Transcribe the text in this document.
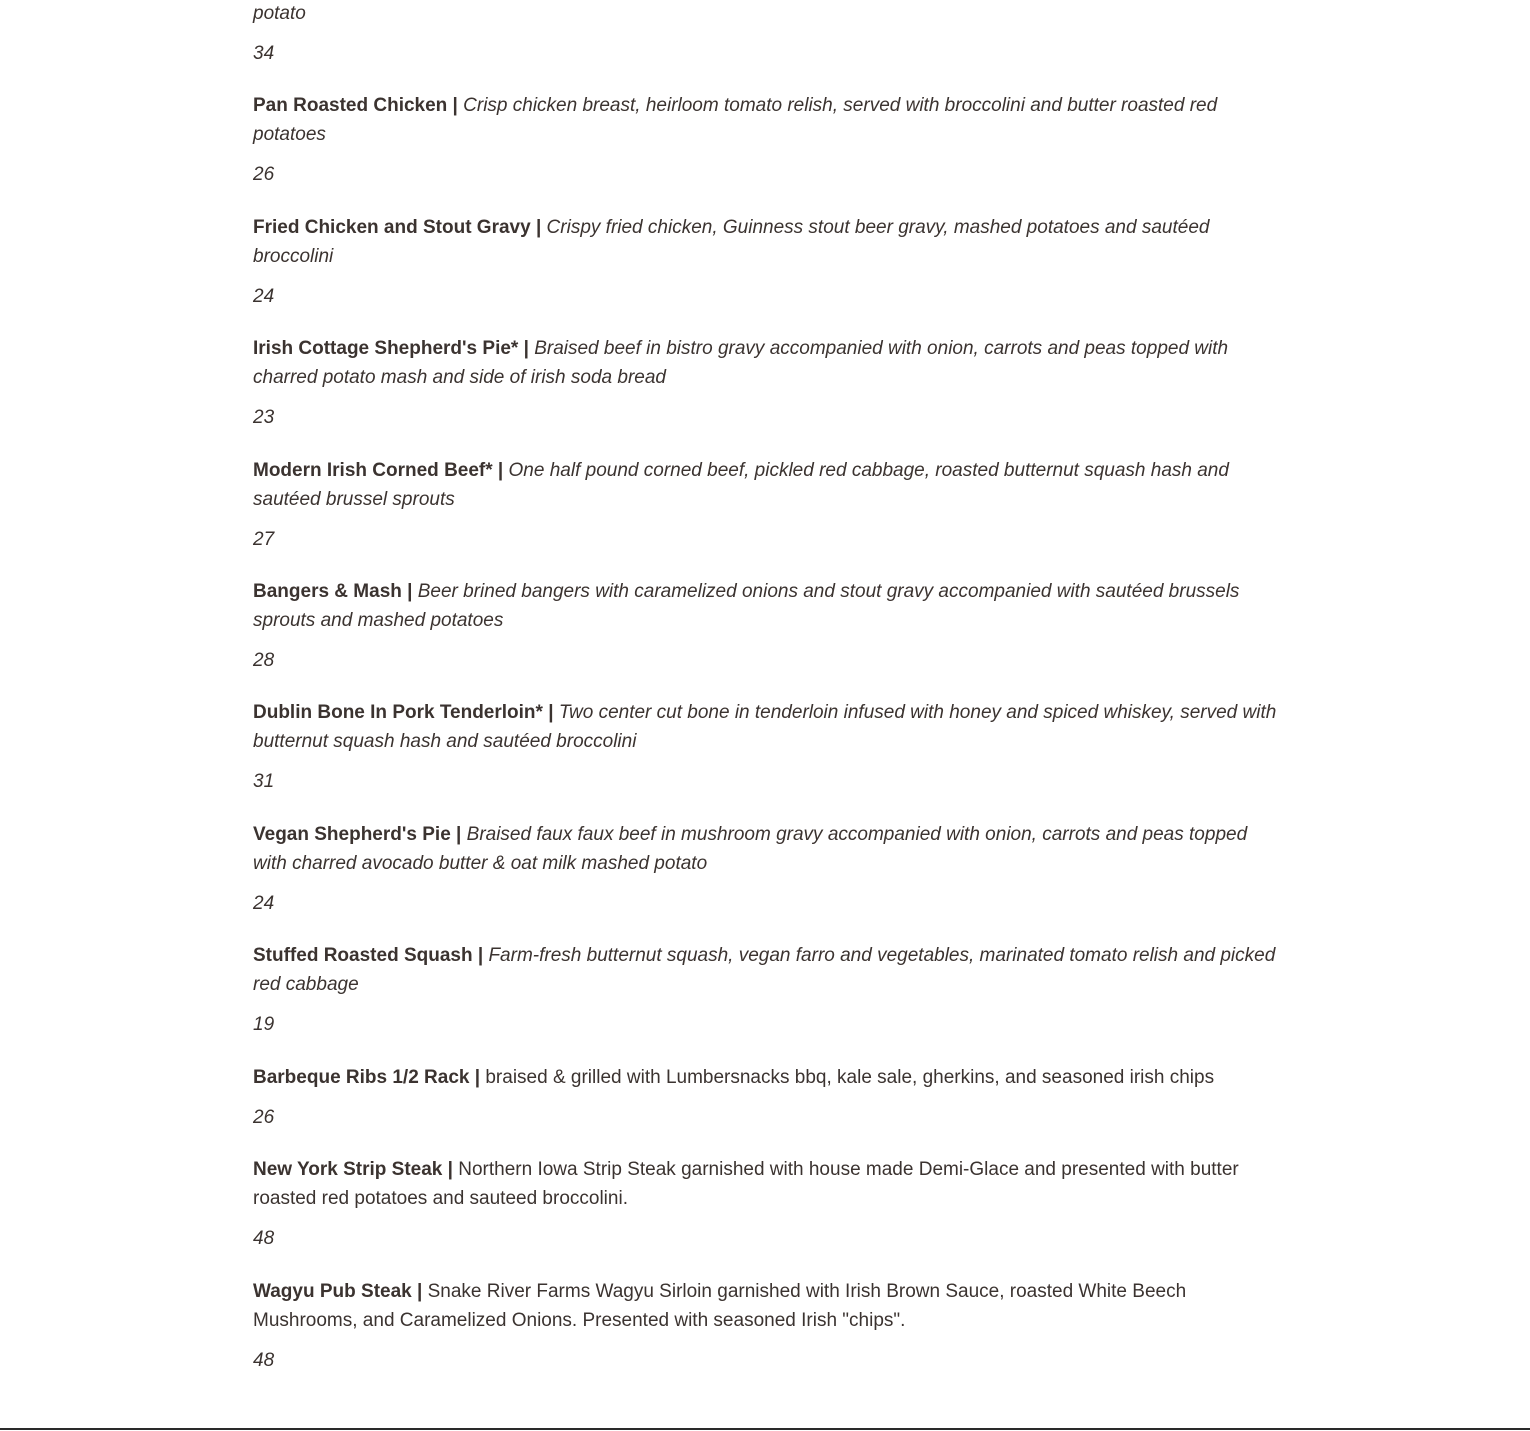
potato
34
Pan Roasted Chicken | Crisp chicken breast, heirloom tomato relish, served with broccolini and butter roasted red potatoes
26
Fried Chicken and Stout Gravy | Crispy fried chicken, Guinness stout beer gravy, mashed potatoes and sautéed broccolini
24
Irish Cottage Shepherd's Pie* | Braised beef in bistro gravy accompanied with onion, carrots and peas topped with charred potato mash and side of irish soda bread
23
Modern Irish Corned Beef* | One half pound corned beef, pickled red cabbage, roasted butternut squash hash and sautéed brussel sprouts
27
Bangers & Mash | Beer brined bangers with caramelized onions and stout gravy accompanied with sautéed brussels sprouts and mashed potatoes
28
Dublin Bone In Pork Tenderloin* | Two center cut bone in tenderloin infused with honey and spiced whiskey, served with butternut squash hash and sautéed broccolini
31
Vegan Shepherd's Pie | Braised faux faux beef in mushroom gravy accompanied with onion, carrots and peas topped with charred avocado butter & oat milk mashed potato
24
Stuffed Roasted Squash | Farm-fresh butternut squash, vegan farro and vegetables, marinated tomato relish and picked red cabbage
19
Barbeque Ribs 1/2 Rack | braised & grilled with Lumbersnacks bbq, kale sale, gherkins, and seasoned irish chips
26
New York Strip Steak | Northern Iowa Strip Steak garnished with house made Demi-Glace and presented with butter roasted red potatoes and sauteed broccolini.
48
Wagyu Pub Steak | Snake River Farms Wagyu Sirloin garnished with Irish Brown Sauce, roasted White Beech Mushrooms, and Caramelized Onions. Presented with seasoned Irish "chips".
48
